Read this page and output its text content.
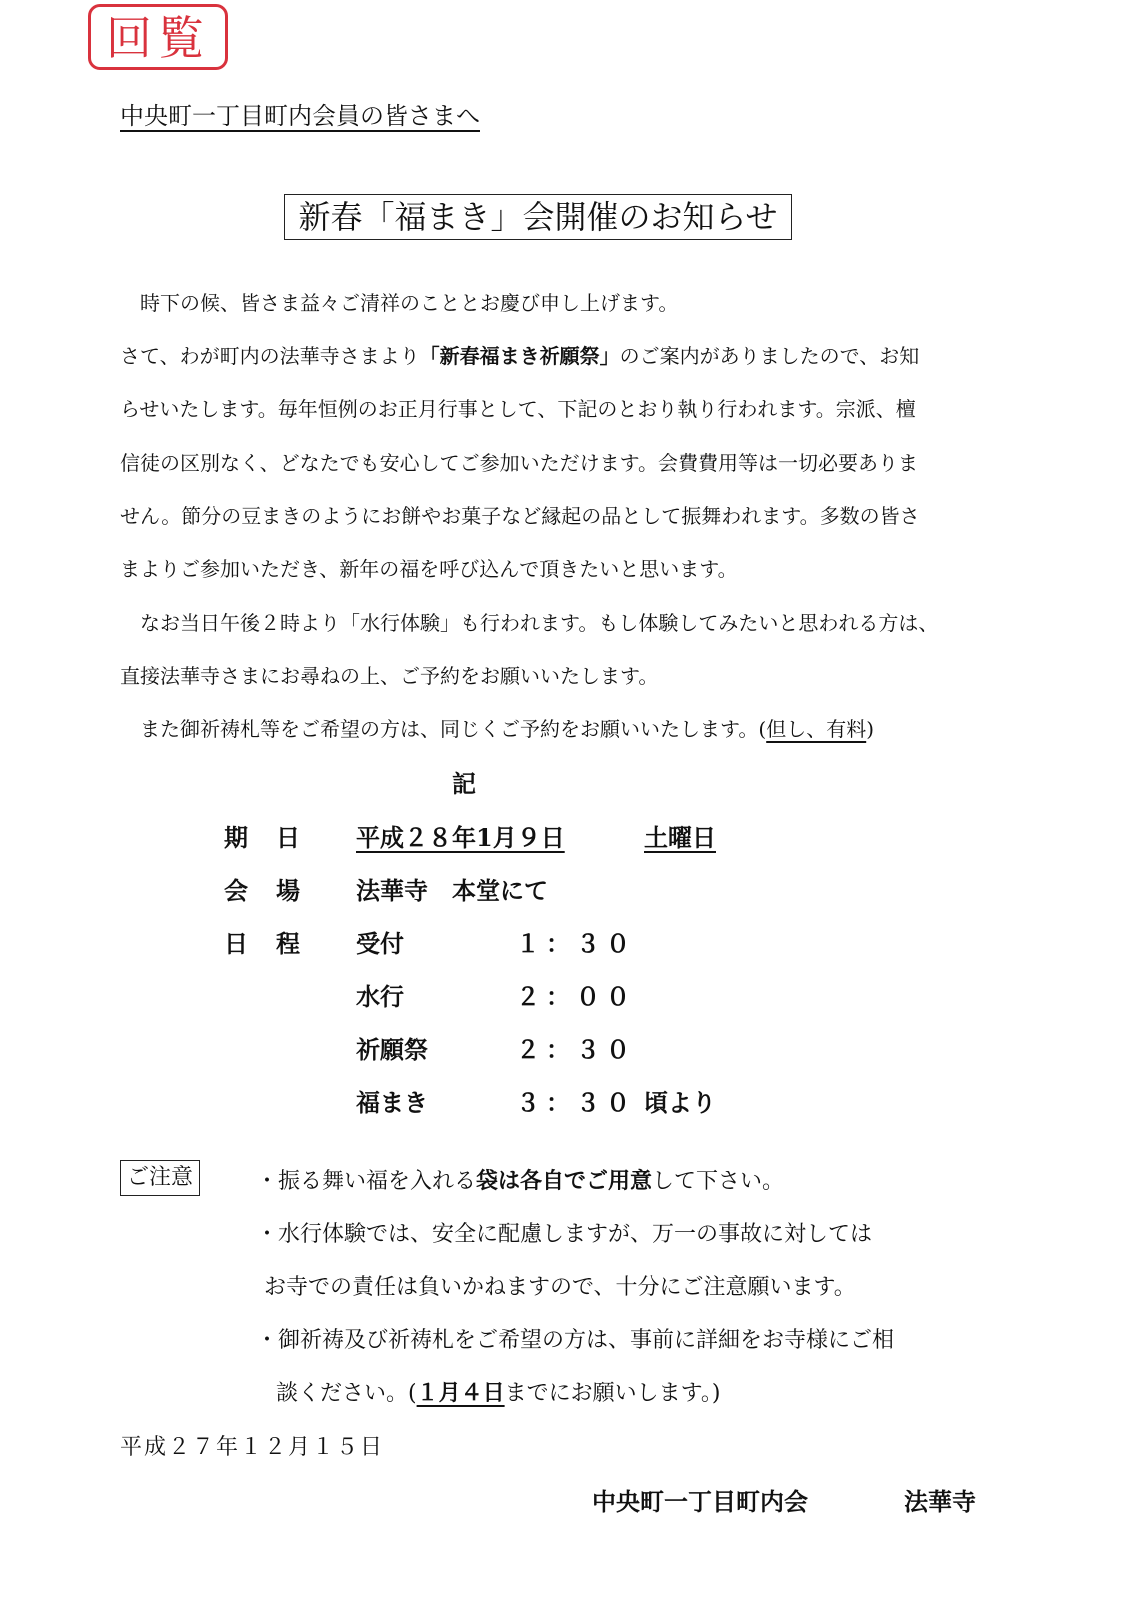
回覧
中央町一丁目町内会員の皆さまへ
新春「福まき」会開催のお知らせ
時下の候、皆さま益々ご清祥のこととお慶び申し上げます。
さて、わが町内の法華寺さまより「新春福まき祈願祭」のご案内がありましたので、お知
らせいたします。毎年恒例のお正月行事として、下記のとおり執り行われます。宗派、檀
信徒の区別なく、どなたでも安心してご参加いただけます。会費費用等は一切必要ありま
せん。節分の豆まきのようにお餅やお菓子など縁起の品として振舞われます。多数の皆さ
まよりご参加いただき、新年の福を呼び込んで頂きたいと思います。
なお当日午後２時より「水行体験」も行われます。もし体験してみたいと思われる方は、
直接法華寺さまにお尋ねの上、ご予約をお願いいたします。
また御祈祷札等をご希望の方は、同じくご予約をお願いいたします。(但し、有料)
記
期　日 平成２８年1月９日	土曜日
会　場 法華寺　本堂にて
日　程 受付	１：３０
水行	２：００
祈願祭	２：３０
福まき	３：３０ 頃より
ご注意	・振る舞い福を入れる袋は各自でご用意して下さい。
・水行体験では、安全に配慮しますが、万一の事故に対しては
お寺での責任は負いかねますので、十分にご注意願います。
・御祈祷及び祈祷札をご希望の方は、事前に詳細をお寺様にご相
談ください。(１月４日までにお願いします。)
平成２７年１２月１５日
中央町一丁目町内会	法華寺
